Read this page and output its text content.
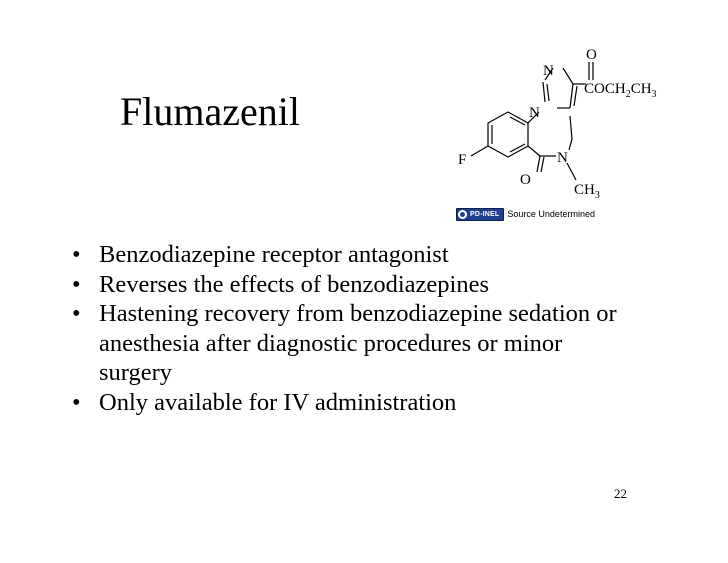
Flumazenil
O
N
N
$COCH_2CH_3$
F
O
N
$CH_3$
PD-INEL Source Undetermined
• Benzodiazepine receptor antagonist
• Reverses the effects of benzodiazepines
• Hastening recovery from benzodiazepine sedation or anesthesia after diagnostic procedures or minor surgery
• Only available for IV administration
22
